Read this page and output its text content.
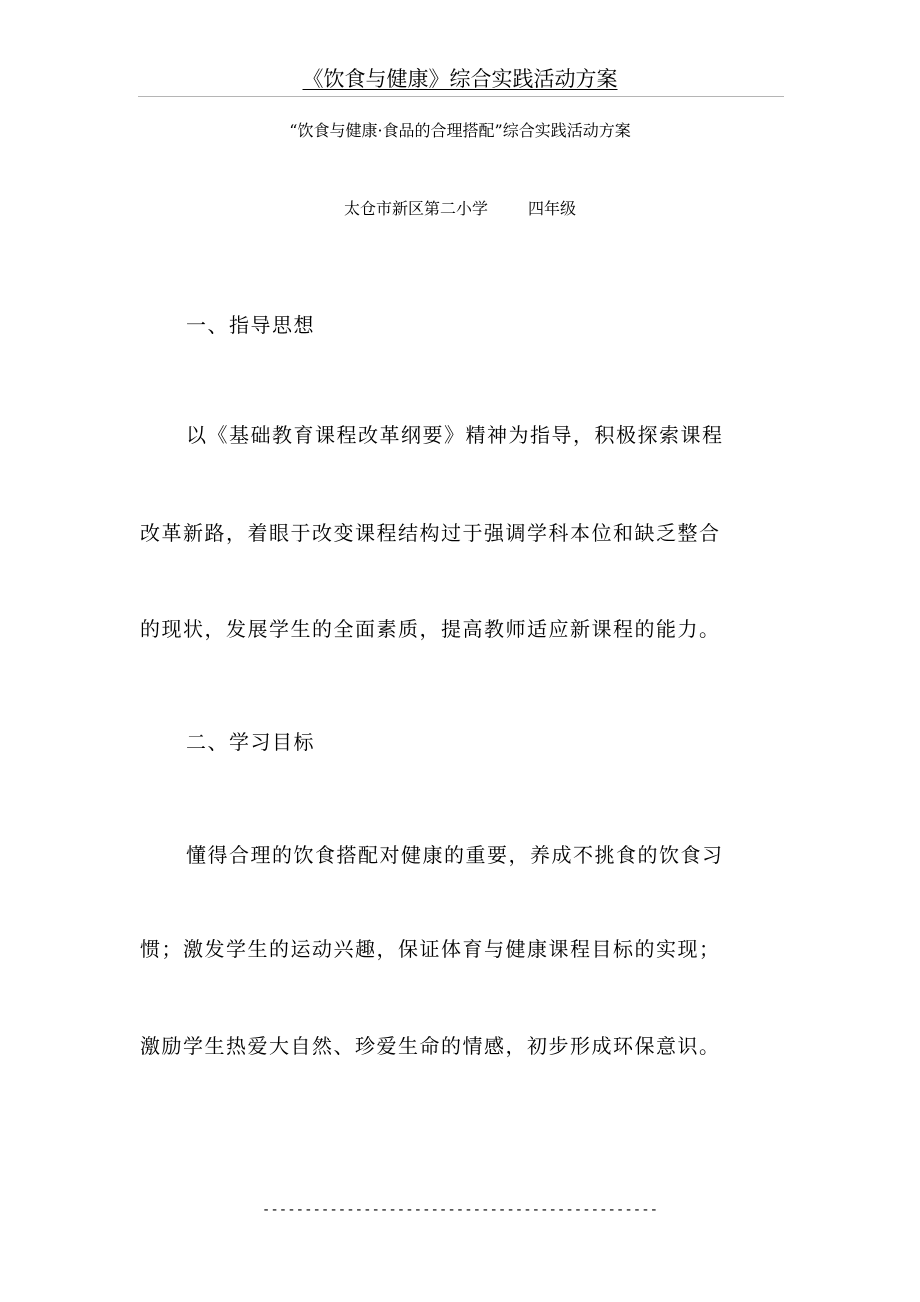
《饮食与健康》综合实践活动方案
“饮食与健康·食品的合理搭配”综合实践活动方案
太仓市新区第二小学	四年级
一、指导思想
以《基础教育课程改革纲要》精神为指导，积极探索课程
改革新路，着眼于改变课程结构过于强调学科本位和缺乏整合
的现状，发展学生的全面素质，提高教师适应新课程的能力。
二、学习目标
懂得合理的饮食搭配对健康的重要，养成不挑食的饮食习
惯；激发学生的运动兴趣，保证体育与健康课程目标的实现；
激励学生热爱大自然、珍爱生命的情感，初步形成环保意识。
-----------------------------------------------
